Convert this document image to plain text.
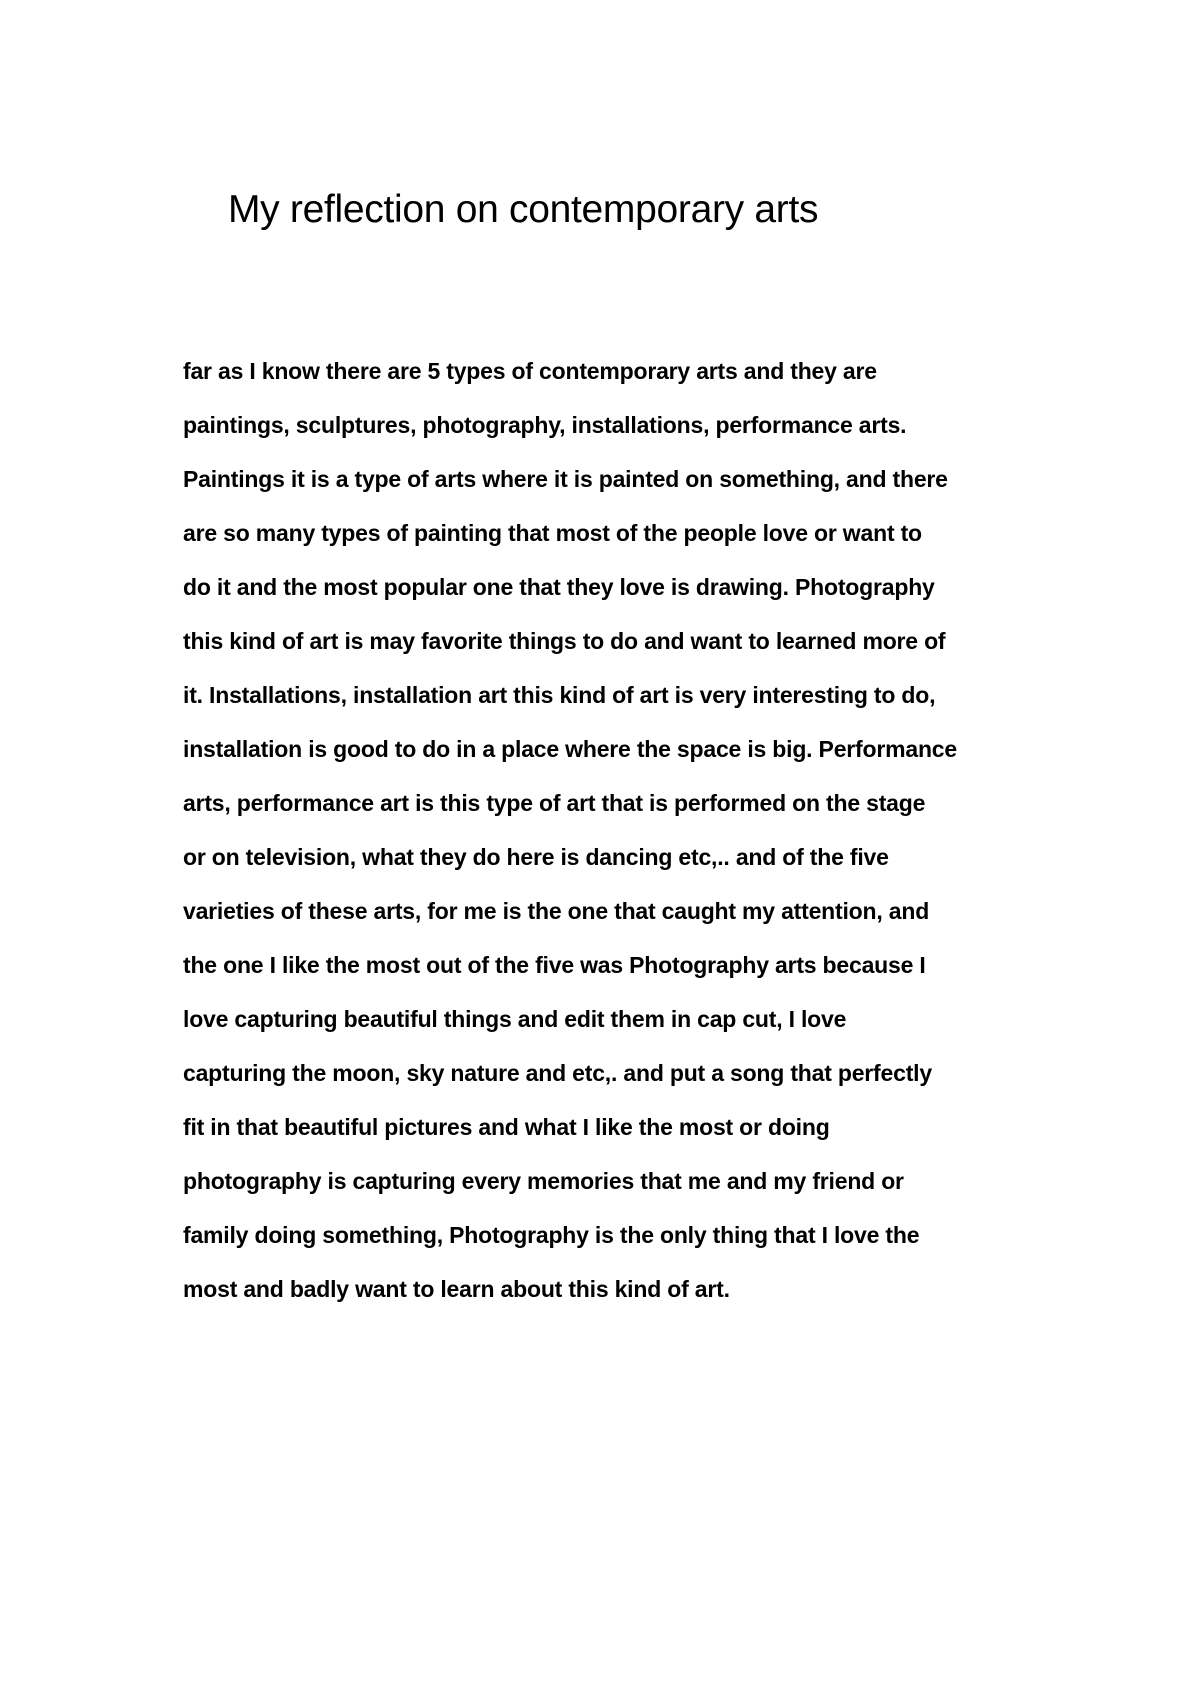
My reflection on contemporary arts
far as I know there are 5 types of contemporary arts and they are
paintings, sculptures, photography, installations, performance arts.
Paintings it is a type of arts where it is painted on something, and there
are so many types of painting that most of the people love or want to
do it and the most popular one that they love is drawing. Photography
this kind of art is may favorite things to do and want to learned more of
it. Installations, installation art this kind of art is very interesting to do,
installation is good to do in a place where the space is big. Performance
arts, performance art is this type of art that is performed on the stage
or on television, what they do here is dancing etc,.. and of the five
varieties of these arts, for me is the one that caught my attention, and
the one I like the most out of the five was Photography arts because I
love capturing beautiful things and edit them in cap cut, I love
capturing the moon, sky nature and etc,. and put a song that perfectly
fit in that beautiful pictures and what I like the most or doing
photography is capturing every memories that me and my friend or
family doing something, Photography is the only thing that I love the
most and badly want to learn about this kind of art.
